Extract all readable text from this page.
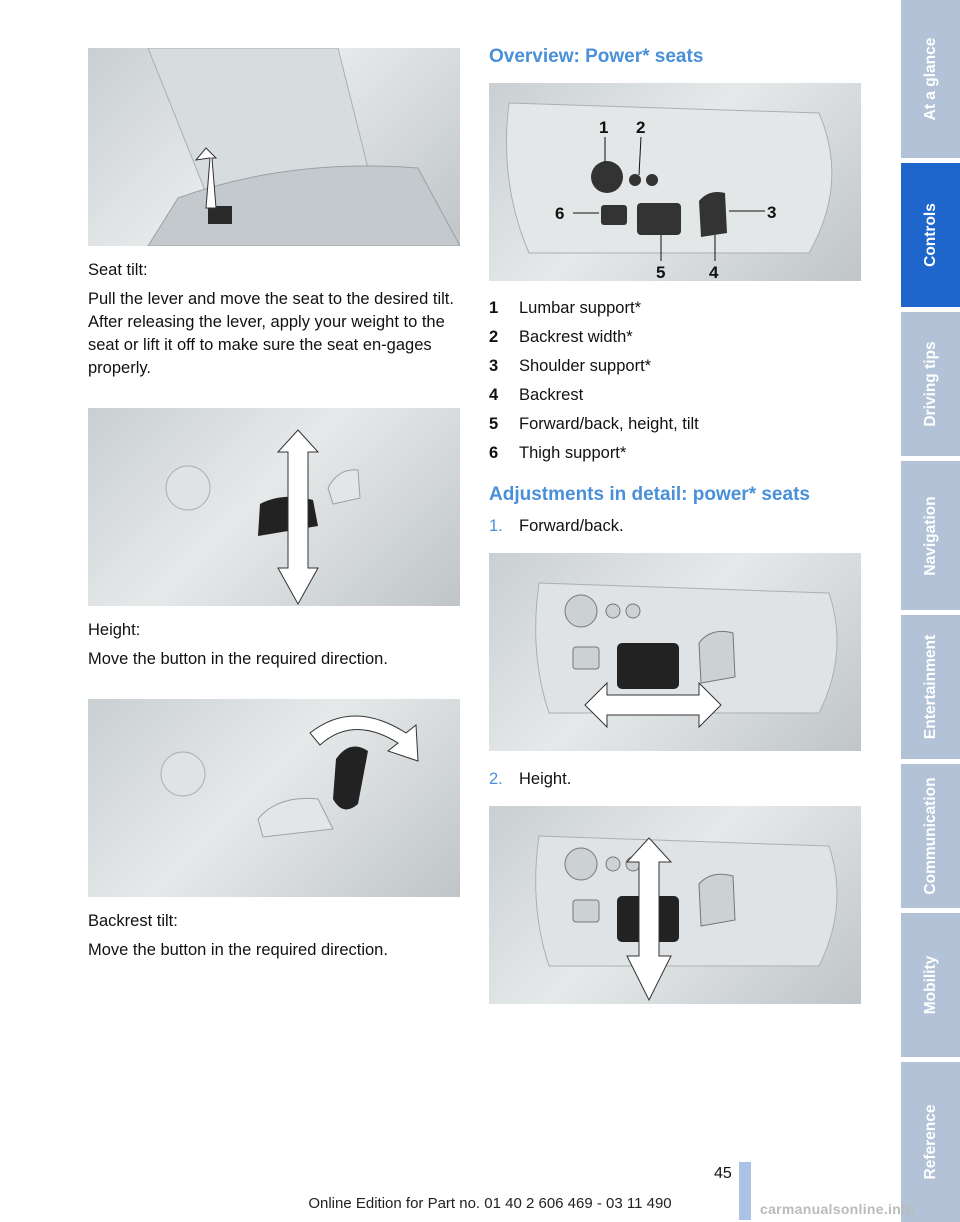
Seat tilt:

Pull the lever and move the seat to the desired tilt. After releasing the lever, apply your weight to the seat or lift it off to make sure the seat en-gages properly.

Height:

Move the button in the required direction.

Backrest tilt:

Move the button in the required direction.

Overview: Power* seats
1 2
3
4
5
6
1	Lumbar support*
2	Backrest width*
3	Shoulder support*
4	Backrest
5	Forward/back, height, tilt
6	Thigh support*
Adjustments in detail: power* seats
1. Forward/back.
2. Height.
At a glance
Controls
Driving tips
Navigation
Entertainment
Communication
Mobility
Reference
45
Online Edition for Part no. 01 40 2 606 469 - 03 11 490	carmanualsonline.info
